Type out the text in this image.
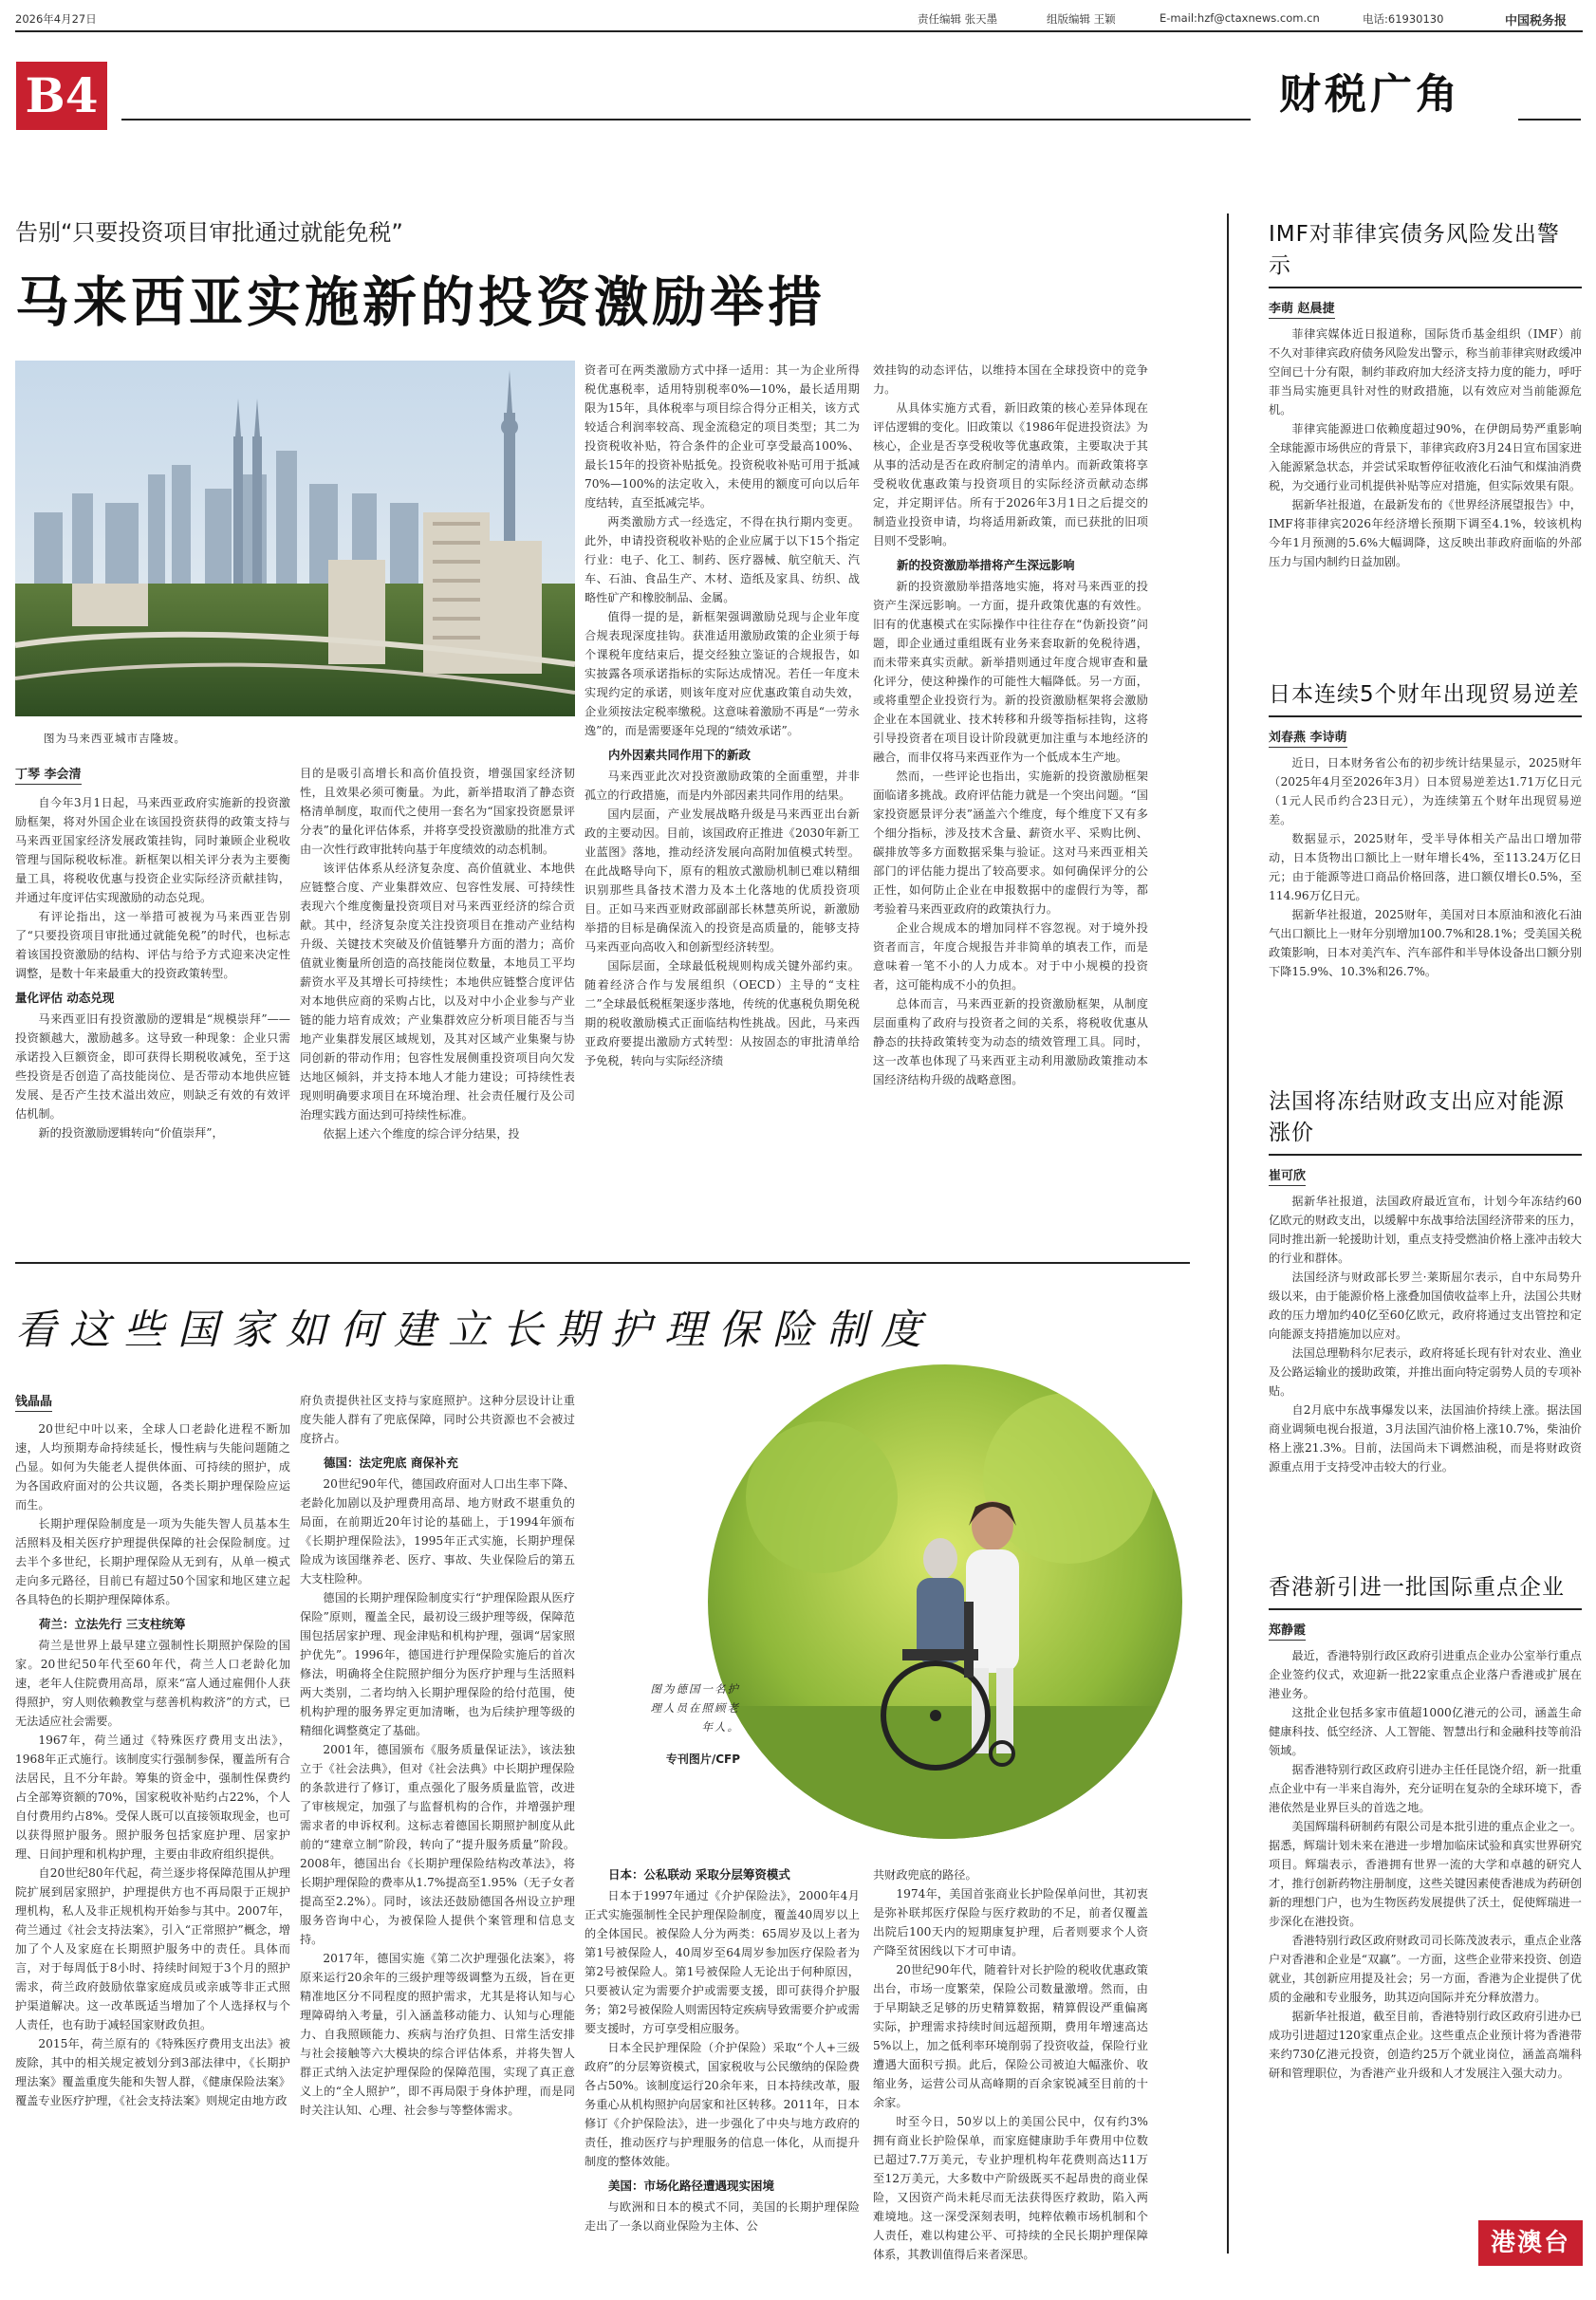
2026年4月27日	责任编辑 张天墨	组版编辑 王颖	E-mail:hzf@ctaxnews.com.cn	电话:61930130	中国税务报
B4	财税广角
告别“只要投资项目审批通过就能免税”
马来西亚实施新的投资激励举措
图为马来西亚城市吉隆坡。
丁琴 李会清

自今年3月1日起，马来西亚政府实施新的投资激励框架，将对外国企业在该国投资获得的政策支持与马来西亚国家经济发展政策挂钩，同时兼顾企业税收管理与国际税收标准。新框架以相关评分表为主要衡量工具，将税收优惠与投资企业实际经济贡献挂钩，并通过年度评估实现激励的动态兑现。

有评论指出，这一举措可被视为马来西亚告别了“只要投资项目审批通过就能免税”的时代，也标志着该国投资激励的结构、评估与给予方式迎来决定性调整，是数十年来最重大的投资政策转型。

量化评估 动态兑现

马来西亚旧有投资激励的逻辑是“规模崇拜”——投资额越大，激励越多。这导致一种现象：企业只需承诺投入巨额资金，即可获得长期税收减免，至于这些投资是否创造了高技能岗位、是否带动本地供应链发展、是否产生技术溢出效应，则缺乏有效的有效评估机制。

新的投资激励逻辑转向“价值崇拜”，

目的是吸引高增长和高价值投资，增强国家经济韧性，且效果必须可衡量。为此，新举措取消了静态资格清单制度，取而代之使用一套名为“国家投资愿景评分表”的量化评估体系，并将享受投资激励的批准方式由一次性行政审批转向基于年度绩效的动态机制。

该评估体系从经济复杂度、高价值就业、本地供应链整合度、产业集群效应、包容性发展、可持续性表现六个维度衡量投资项目对马来西亚经济的综合贡献。其中，经济复杂度关注投资项目在推动产业结构升级、关键技术突破及价值链攀升方面的潜力；高价值就业衡量所创造的高技能岗位数量，本地员工平均薪资水平及其增长可持续性；本地供应链整合度评估对本地供应商的采购占比，以及对中小企业参与产业链的能力培育成效；产业集群效应分析项目能否与当地产业集群发展区域规划，及其对区域产业集聚与协同创新的带动作用；包容性发展侧重投资项目向欠发达地区倾斜，并支持本地人才能力建设；可持续性表现则明确要求项目在环境治理、社会责任履行及公司治理实践方面达到可持续性标准。

依据上述六个维度的综合评分结果，投

资者可在两类激励方式中择一适用：其一为企业所得税优惠税率，适用特别税率0%—10%，最长适用期限为15年，具体税率与项目综合得分正相关，该方式较适合利润率较高、现金流稳定的项目类型；其二为投资税收补贴，符合条件的企业可享受最高100%、最长15年的投资补贴抵免。投资税收补贴可用于抵减70%—100%的法定收入，未使用的额度可向以后年度结转，直至抵减完毕。

两类激励方式一经选定，不得在执行期内变更。此外，申请投资税收补贴的企业应属于以下15个指定行业：电子、化工、制药、医疗器械、航空航天、汽车、石油、食品生产、木材、造纸及家具、纺织、战略性矿产和橡胶制品、金属。

值得一提的是，新框架强调激励兑现与企业年度合规表现深度挂钩。获准适用激励政策的企业须于每个课税年度结束后，提交经独立鉴证的合规报告，如实披露各项承诺指标的实际达成情况。若任一年度未实现约定的承诺，则该年度对应优惠政策自动失效，企业须按法定税率缴税。这意味着激励不再是“一劳永逸”的，而是需要逐年兑现的“绩效承诺”。

内外因素共同作用下的新政

马来西亚此次对投资激励政策的全面重塑，并非孤立的行政措施，而是内外部因素共同作用的结果。

国内层面，产业发展战略升级是马来西亚出台新政的主要动因。目前，该国政府正推进《2030年新工业蓝图》落地，推动经济发展向高附加值模式转型。在此战略导向下，原有的粗放式激励机制已难以精细识别那些具备技术潜力及本土化落地的优质投资项目。正如马来西亚财政部副部长林慧英所说，新激励举措的目标是确保流入的投资是高质量的，能够支持马来西亚向高收入和创新型经济转型。

国际层面，全球最低税规则构成关键外部约束。随着经济合作与发展组织（OECD）主导的“支柱二”全球最低税框架逐步落地，传统的优惠税负期免税期的税收激励模式正面临结构性挑战。因此，马来西亚政府要提出激励方式转型：从按固态的审批清单给予免税，转向与实际经济绩

效挂钩的动态评估，以维持本国在全球投资中的竞争力。

从具体实施方式看，新旧政策的核心差异体现在评估逻辑的变化。旧政策以《1986年促进投资法》为核心，企业是否享受税收等优惠政策，主要取决于其从事的活动是否在政府制定的清单内。而新政策将享受税收优惠政策与投资项目的实际经济贡献动态绑定，并定期评估。所有于2026年3月1日之后提交的制造业投资申请，均将适用新政策，而已获批的旧项目则不受影响。

新的投资激励举措将产生深远影响

新的投资激励举措落地实施，将对马来西亚的投资产生深远影响。一方面，提升政策优惠的有效性。旧有的优惠模式在实际操作中往往存在“伪新投资”问题，即企业通过重组既有业务来套取新的免税待遇，而未带来真实贡献。新举措则通过年度合规审查和量化评分，使这种操作的可能性大幅降低。另一方面，或将重塑企业投资行为。新的投资激励框架将会激励企业在本国就业、技术转移和升级等指标挂钩，这将引导投资者在项目设计阶段就更加注重与本地经济的融合，而非仅将马来西亚作为一个低成本生产地。

然而，一些评论也指出，实施新的投资激励框架面临诸多挑战。政府评估能力就是一个突出问题。“国家投资愿景评分表”涵盖六个维度，每个维度下又有多个细分指标，涉及技术含量、薪资水平、采购比例、碳排放等多方面数据采集与验证。这对马来西亚相关部门的评估能力提出了较高要求。如何确保评分的公正性，如何防止企业在申报数据中的虚假行为等，都考验着马来西亚政府的政策执行力。

企业合规成本的增加同样不容忽视。对于境外投资者而言，年度合规报告并非简单的填表工作，而是意味着一笔不小的人力成本。对于中小规模的投资者，这可能构成不小的负担。

总体而言，马来西亚新的投资激励框架，从制度层面重构了政府与投资者之间的关系，将税收优惠从静态的扶持政策转变为动态的绩效管理工具。同时，这一改革也体现了马来西亚主动利用激励政策推动本国经济结构升级的战略意图。

看这些国家如何建立长期护理保险制度
钱晶晶

20世纪中叶以来，全球人口老龄化进程不断加速，人均预期寿命持续延长，慢性病与失能问题随之凸显。如何为失能老人提供体面、可持续的照护，成为各国政府面对的公共议题，各类长期护理保险应运而生。

长期护理保险制度是一项为失能失智人员基本生活照料及相关医疗护理提供保障的社会保险制度。过去半个多世纪，长期护理保险从无到有，从单一模式走向多元路径，目前已有超过50个国家和地区建立起各具特色的长期护理保障体系。

荷兰：立法先行 三支柱统筹

荷兰是世界上最早建立强制性长期照护保险的国家。20世纪50年代至60年代，荷兰人口老龄化加速，老年人住院费用高昂，原来“富人通过雇佣仆人获得照护，穷人则依赖教堂与慈善机构救济”的方式，已无法适应社会需要。

1967年，荷兰通过《特殊医疗费用支出法》，1968年正式施行。该制度实行强制参保，覆盖所有合法居民，且不分年龄。筹集的资金中，强制性保费约占全部筹资额的70%，国家税收补贴约占22%，个人自付费用约占8%。受保人既可以直接领取现金，也可以获得照护服务。照护服务包括家庭护理、居家护理、日间护理和机构护理，主要由非政府组织提供。

自20世纪80年代起，荷兰逐步将保障范围从护理院扩展到居家照护，护理提供方也不再局限于正规护理机构，私人及非正规机构开始参与其中。2007年，荷兰通过《社会支持法案》，引入“正常照护”概念，增加了个人及家庭在长期照护服务中的责任。具体而言，对于每周低于8小时、持续时间短于3个月的照护需求，荷兰政府鼓励依靠家庭成员或亲戚等非正式照护渠道解决。这一改革既适当增加了个人选择权与个人责任，也有助于减轻国家财政负担。

2015年，荷兰原有的《特殊医疗费用支出法》被废除，其中的相关规定被划分到3部法律中，《长期护理法案》覆盖重度失能和失智人群，《健康保险法案》覆盖专业医疗护理，《社会支持法案》则规定由地方政

府负责提供社区支持与家庭照护。这种分层设计让重度失能人群有了兜底保障，同时公共资源也不会被过度挤占。

德国：法定兜底 商保补充

20世纪90年代，德国政府面对人口出生率下降、老龄化加剧以及护理费用高昂、地方财政不堪重负的局面，在前期近20年讨论的基础上，于1994年颁布《长期护理保险法》，1995年正式实施，长期护理保险成为该国继养老、医疗、事故、失业保险后的第五大支柱险种。

德国的长期护理保险制度实行“护理保险跟从医疗保险”原则，覆盖全民，最初设三级护理等级，保障范围包括居家护理、现金津贴和机构护理，强调“居家照护优先”。1996年，德国进行护理保险实施后的首次修法，明确将全住院照护细分为医疗护理与生活照料两大类别，二者均纳入长期护理保险的给付范围，使机构护理的服务界定更加清晰，也为后续护理等级的精细化调整奠定了基础。

2001年，德国颁布《服务质量保证法》，该法独立于《社会法典》，但对《社会法典》中长期护理保险的条款进行了修订，重点强化了服务质量监管，改进了审核规定，加强了与监督机构的合作，并增强护理需求者的申诉权利。这标志着德国长期照护制度从此前的“建章立制”阶段，转向了“提升服务质量”阶段。2008年，德国出台《长期护理保险结构改革法》，将长期护理保险的费率从1.7%提高至1.95%（无子女者提高至2.2%）。同时，该法还鼓励德国各州设立护理服务咨询中心，为被保险人提供个案管理和信息支持。

2017年，德国实施《第二次护理强化法案》，将原来运行20余年的三级护理等级调整为五级，旨在更精准地区分不同程度的照护需求，尤其是将认知与心理障碍纳入考量，引入涵盖移动能力、认知与心理能力、自我照顾能力、疾病与治疗负担、日常生活安排与社会接触等六大模块的综合评估体系，并将失智人群正式纳入法定护理保险的保障范围，实现了真正意义上的“全人照护”，即不再局限于身体护理，而是同时关注认知、心理、社会参与等整体需求。

图为德国一名护理人员在照顾老年人。
专刊图片/CFP

日本：公私联动 采取分层筹资模式

日本于1997年通过《介护保险法》，2000年4月正式实施强制性全民护理保险制度，覆盖40周岁以上的全体国民。被保险人分为两类：65周岁及以上者为第1号被保险人，40周岁至64周岁参加医疗保险者为第2号被保险人。第1号被保险人无论出于何种原因，只要被认定为需要介护或需要支援，即可获得介护服务；第2号被保险人则需因特定疾病导致需要介护或需要支援时，方可享受相应服务。

日本全民护理保险（介护保险）采取“个人+三级政府”的分层筹资模式，国家税收与公民缴纳的保险费各占50%。该制度运行20余年来，日本持续改革，服务重心从机构照护向居家和社区转移。2011年，日本修订《介护保险法》，进一步强化了中央与地方政府的责任，推动医疗与护理服务的信息一体化，从而提升制度的整体效能。

美国：市场化路径遭遇现实困境

与欧洲和日本的模式不同，美国的长期护理保险走出了一条以商业保险为主体、公

共财政兜底的路径。

1974年，美国首张商业长护险保单问世，其初衷是弥补联邦医疗保险与医疗救助的不足，前者仅覆盖出院后100天内的短期康复护理，后者则要求个人资产降至贫困线以下才可申请。

20世纪90年代，随着针对长护险的税收优惠政策出台，市场一度繁荣，保险公司数量激增。然而，由于早期缺乏足够的历史精算数据，精算假设严重偏离实际，护理需求持续时间远超预期，费用年增速高达5%以上，加之低利率环境削弱了投资收益，保险行业遭遇大面积亏损。此后，保险公司被迫大幅涨价、收缩业务，运营公司从高峰期的百余家锐减至目前的十余家。

时至今日，50岁以上的美国公民中，仅有约3%拥有商业长护险保单，而家庭健康助手年费用中位数已超过7.7万美元，专业护理机构年花费则高达11万至12万美元，大多数中产阶级既买不起昂贵的商业保险，又因资产尚未耗尽而无法获得医疗救助，陷入两难境地。这一深受深刻表明，纯粹依赖市场机制和个人责任，难以构建公平、可持续的全民长期护理保障体系，其教训值得后来者深思。

IMF对菲律宾债务风险发出警示
李萌 赵晨捷

菲律宾媒体近日报道称，国际货币基金组织（IMF）前不久对菲律宾政府债务风险发出警示，称当前菲律宾财政缓冲空间已十分有限，制约菲政府加大经济支持力度的能力，呼吁菲当局实施更具针对性的财政措施，以有效应对当前能源危机。

菲律宾能源进口依赖度超过90%，在伊朗局势严重影响全球能源市场供应的背景下，菲律宾政府3月24日宣布国家进入能源紧急状态，并尝试采取暂停征收液化石油气和煤油消费税，为交通行业司机提供补贴等应对措施，但实际效果有限。

据新华社报道，在最新发布的《世界经济展望报告》中，IMF将菲律宾2026年经济增长预期下调至4.1%，较该机构今年1月预测的5.6%大幅调降，这反映出菲政府面临的外部压力与国内制约日益加剧。

日本连续5个财年出现贸易逆差
刘春燕 李诗萌

近日，日本财务省公布的初步统计结果显示，2025财年（2025年4月至2026年3月）日本贸易逆差达1.71万亿日元（1元人民币约合23日元），为连续第五个财年出现贸易逆差。

数据显示，2025财年，受半导体相关产品出口增加带动，日本货物出口额比上一财年增长4%，至113.24万亿日元；由于能源等进口商品价格回落，进口额仅增长0.5%，至114.96万亿日元。

据新华社报道，2025财年，美国对日本原油和液化石油气出口额比上一财年分别增加100.7%和28.1%；受美国关税政策影响，日本对美汽车、汽车部件和半导体设备出口额分别下降15.9%、10.3%和26.7%。

法国将冻结财政支出应对能源涨价
崔可欣

据新华社报道，法国政府最近宣布，计划今年冻结约60亿欧元的财政支出，以缓解中东战事给法国经济带来的压力，同时推出新一轮援助计划，重点支持受燃油价格上涨冲击较大的行业和群体。

法国经济与财政部长罗兰·莱斯屈尔表示，自中东局势升级以来，由于能源价格上涨叠加国债收益率上升，法国公共财政的压力增加约40亿至60亿欧元，政府将通过支出管控和定向能源支持措施加以应对。

法国总理勒科尔尼表示，政府将延长现有针对农业、渔业及公路运输业的援助政策，并推出面向特定弱势人员的专项补贴。

自2月底中东战事爆发以来，法国油价持续上涨。据法国商业调频电视台报道，3月法国汽油价格上涨10.7%，柴油价格上涨21.3%。目前，法国尚未下调燃油税，而是将财政资源重点用于支持受冲击较大的行业。

香港新引进一批国际重点企业
郑静霞

最近，香港特别行政区政府引进重点企业办公室举行重点企业签约仪式，欢迎新一批22家重点企业落户香港或扩展在港业务。

这批企业包括多家市值超1000亿港元的公司，涵盖生命健康科技、低空经济、人工智能、智慧出行和金融科技等前沿领域。

据香港特别行政区政府引进办主任任昆饶介绍，新一批重点企业中有一半来自海外，充分证明在复杂的全球环境下，香港依然是业界巨头的首选之地。

美国辉瑞科研制药有限公司是本批引进的重点企业之一。据悉，辉瑞计划未来在港进一步增加临床试验和真实世界研究项目。辉瑞表示，香港拥有世界一流的大学和卓越的研究人才，推行创新药物注册制度，这些关键因素使香港成为药研创新的理想门户，也为生物医药发展提供了沃土，促使辉瑞进一步深化在港投资。

香港特别行政区政府财政司司长陈茂波表示，重点企业落户对香港和企业是“双赢”。一方面，这些企业带来投资、创造就业，其创新应用提及社会；另一方面，香港为企业提供了优质的金融和专业服务，助其迈向国际并充分释放潜力。

据新华社报道，截至目前，香港特别行政区政府引进办已成功引进超过120家重点企业。这些重点企业预计将为香港带来约730亿港元投资，创造约25万个就业岗位，涵盖高端科研和管理职位，为香港产业升级和人才发展注入强大动力。

港澳台
